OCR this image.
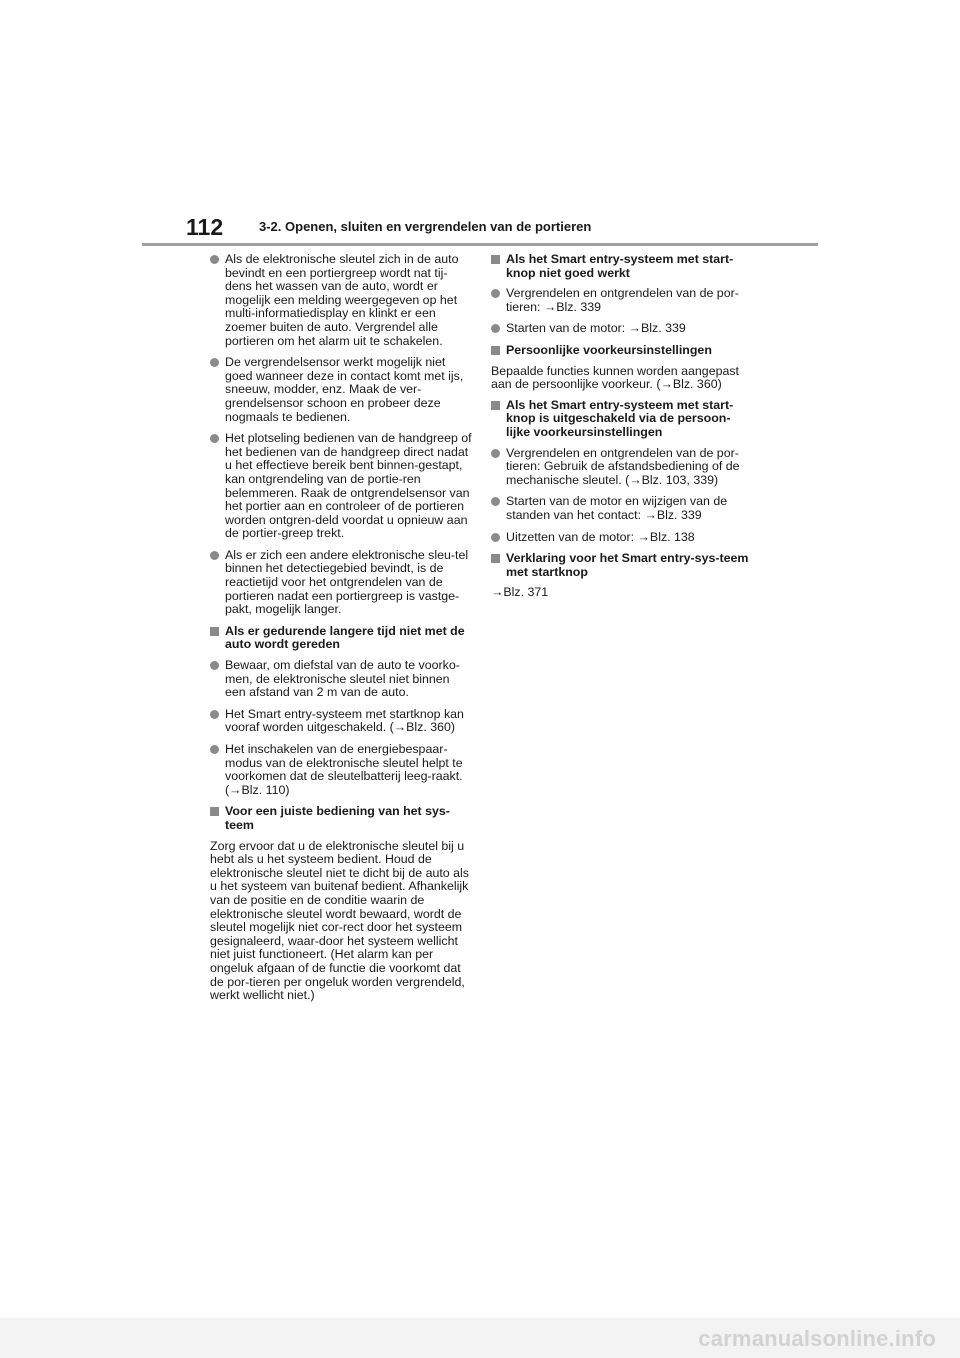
112	3-2. Openen, sluiten en vergrendelen van de portieren
Als de elektronische sleutel zich in de auto bevindt en een portiergreep wordt nat tij-dens het wassen van de auto, wordt er mogelijk een melding weergegeven op het multi-informatiedisplay en klinkt er een zoemer buiten de auto. Vergrendel alle portieren om het alarm uit te schakelen.
De vergrendelsensor werkt mogelijk niet goed wanneer deze in contact komt met ijs, sneeuw, modder, enz. Maak de ver-grendelsensor schoon en probeer deze nogmaals te bedienen.
Het plotseling bedienen van de handgreep of het bedienen van de handgreep direct nadat u het effectieve bereik bent binnen-gestapt, kan ontgrendeling van de portie-ren belemmeren. Raak de ontgrendelsensor van het portier aan en controleer of de portieren worden ontgren-deld voordat u opnieuw aan de portier-greep trekt.
Als er zich een andere elektronische sleu-tel binnen het detectiegebied bevindt, is de reactietijd voor het ontgrendelen van de portieren nadat een portiergreep is vastge-pakt, mogelijk langer.
Als er gedurende langere tijd niet met de auto wordt gereden
Bewaar, om diefstal van de auto te voorko-men, de elektronische sleutel niet binnen een afstand van 2 m van de auto.
Het Smart entry-systeem met startknop kan vooraf worden uitgeschakeld. (→Blz. 360)
Het inschakelen van de energiebespaar-modus van de elektronische sleutel helpt te voorkomen dat de sleutelbatterij leeg-raakt. (→Blz. 110)
Voor een juiste bediening van het sys-teem
Zorg ervoor dat u de elektronische sleutel bij u hebt als u het systeem bedient. Houd de elektronische sleutel niet te dicht bij de auto als u het systeem van buitenaf bedient. Afhankelijk van de positie en de conditie waarin de elektronische sleutel wordt bewaard, wordt de sleutel mogelijk niet cor-rect door het systeem gesignaleerd, waar-door het systeem wellicht niet juist functioneert. (Het alarm kan per ongeluk afgaan of de functie die voorkomt dat de por-tieren per ongeluk worden vergrendeld, werkt wellicht niet.)
Als het Smart entry-systeem met start-knop niet goed werkt
Vergrendelen en ontgrendelen van de por-tieren: →Blz. 339
Starten van de motor: →Blz. 339
Persoonlijke voorkeursinstellingen
Bepaalde functies kunnen worden aangepast aan de persoonlijke voorkeur. (→Blz. 360)
Als het Smart entry-systeem met start-knop is uitgeschakeld via de persoon-lijke voorkeursinstellingen
Vergrendelen en ontgrendelen van de por-tieren: Gebruik de afstandsbediening of de mechanische sleutel. (→Blz. 103, 339)
Starten van de motor en wijzigen van de standen van het contact: →Blz. 339
Uitzetten van de motor: →Blz. 138
Verklaring voor het Smart entry-sys-teem met startknop
→Blz. 371
carmanualsonline.info
